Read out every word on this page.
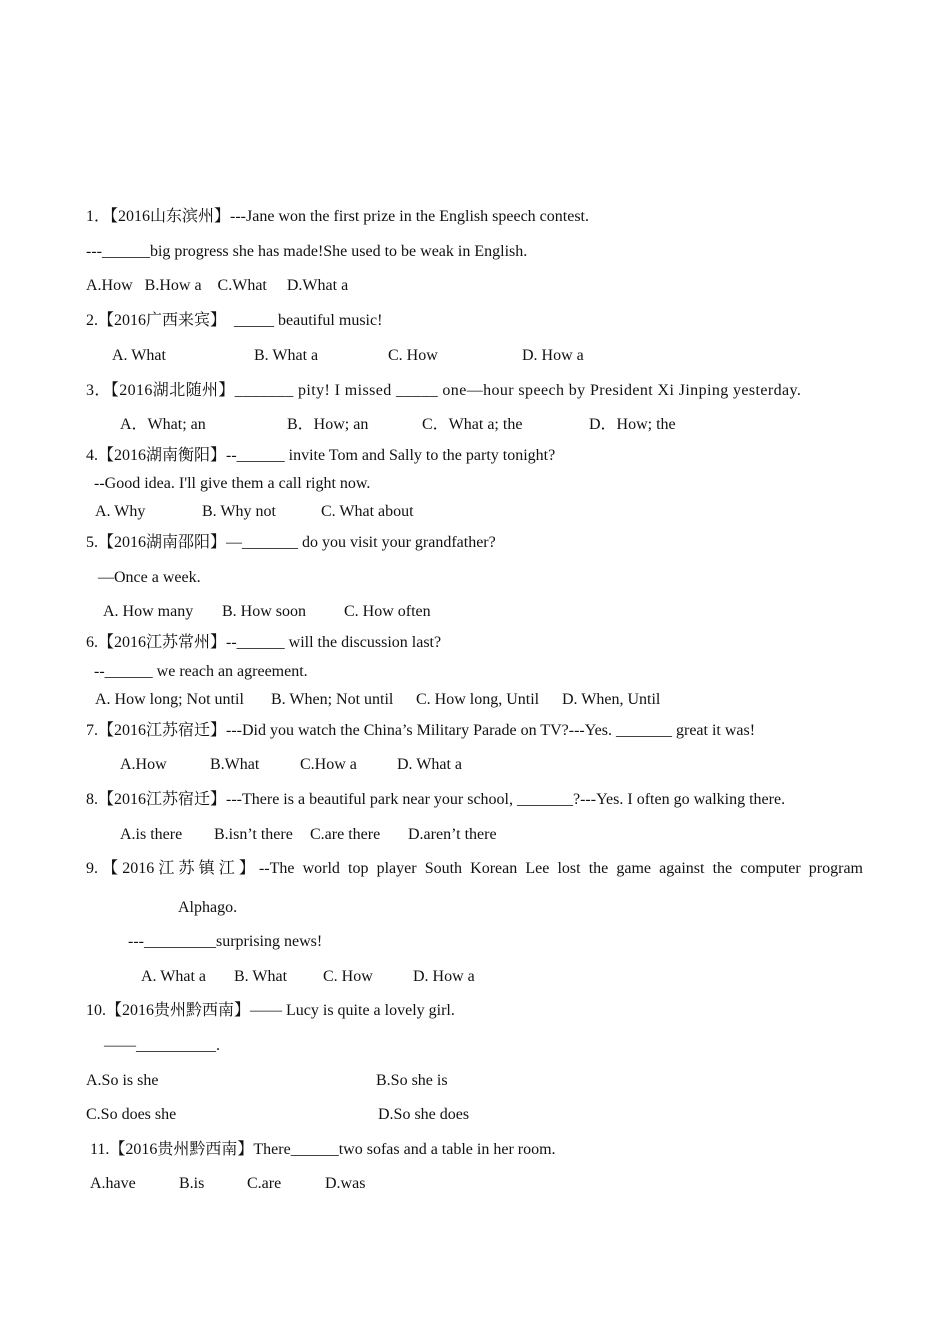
1．【2016山东滨州】---Jane won the first prize in the English speech contest.
---______big progress she has made!She used to be weak in English.
A.How   B.How a    C.What     D.What a
2.【2016广西来宾】  _____ beautiful music!
A. What	B. What a	C. How	D. How a
3．【2016湖北随州】_______ pity! I missed _____ one—hour speech by President Xi Jinping yesterday.
A．What; an	B．How; an	C．What a; the	D．How; the
4.【2016湖南衡阳】--______ invite Tom and Sally to the party tonight?
--Good idea. I'll give them a call right now.
A. Why	B. Why not	C. What about
5.【2016湖南邵阳】—_______ do you visit your grandfather?
—Once a week.
A. How many B. How soon C. How often
6.【2016江苏常州】--______ will the discussion last?
--______ we reach an agreement.
A. How long; Not until B. When; Not until C. How long, Until D. When, Until
7.【2016江苏宿迁】---Did you watch the China’s Military Parade on TV?---Yes. _______ great it was!
A.How	B.What	C.How a	D. What a
8.【2016江苏宿迁】---There is a beautiful park near your school, _______?---Yes. I often go walking there.
A.is there B.isn’t there C.are there D.aren’t there
9.【2016江苏镇江】--The world top player South Korean Lee lost the game against the computer program
Alphago.
---_________surprising news!
A. What a B. What C. How	D. How a
10.【2016贵州黔西南】—— Lucy is quite a lovely girl.
——__________.
A.So is she	B.So she is
C.So does she	D.So she does
11.【2016贵州黔西南】There______two sofas and a table in her room.
A.have	B.is	C.are	D.was
